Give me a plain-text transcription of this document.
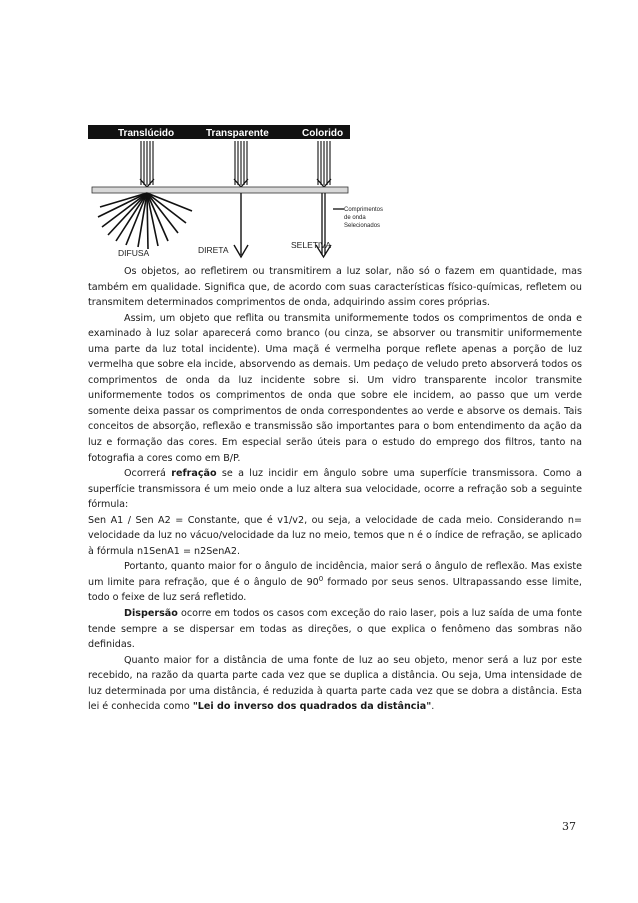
Translúcido	Transparente	Colorido
DIFUSA	DIRETA	SELETIVA
Comprimentos
de onda
Selecionados

Os objetos, ao refletirem ou transmitirem a luz solar, não só o fazem em quantidade, mas também em qualidade. Significa que, de acordo com suas características físico-químicas, refletem ou transmitem determinados comprimentos de onda, adquirindo assim cores próprias.

Assim, um objeto que reflita ou transmita uniformemente todos os comprimentos de onda e examinado à luz solar aparecerá como branco (ou cinza, se absorver ou transmitir uniformemente uma parte da luz total incidente). Uma maçã é vermelha porque reflete apenas a porção de luz vermelha que sobre ela incide, absorvendo as demais. Um pedaço de veludo preto absorverá todos os comprimentos de onda da luz incidente sobre si. Um vidro transparente incolor transmite uniformemente todos os comprimentos de onda que sobre ele incidem, ao passo que um verde somente deixa passar os comprimentos de onda correspondentes ao verde e absorve os demais. Tais conceitos de absorção, reflexão e transmissão são importantes para o bom entendimento da ação da luz e formação das cores. Em especial serão úteis para o estudo do emprego dos filtros, tanto na fotografia a cores como em B/P.

Ocorrerá refração se a luz incidir em ângulo sobre uma superfície transmissora. Como a superfície transmissora é um meio onde a luz altera sua velocidade, ocorre a refração sob a seguinte fórmula:

Sen A1 / Sen A2 = Constante, que é v1/v2, ou seja, a velocidade de cada meio. Considerando n= velocidade da luz no vácuo/velocidade da luz no meio, temos que n é o índice de refração, se aplicado à fórmula n1SenA1 = n2SenA2.

Portanto, quanto maior for o ângulo de incidência, maior será o ângulo de reflexão. Mas existe um limite para refração, que é o ângulo de $90^0$ formado por seus senos. Ultrapassando esse limite, todo o feixe de luz será refletido.

Dispersão ocorre em todos os casos com exceção do raio laser, pois a luz saída de uma fonte tende sempre a se dispersar em todas as direções, o que explica o fenômeno das sombras não definidas.

Quanto maior for a distância de uma fonte de luz ao seu objeto, menor será a luz por este recebido, na razão da quarta parte cada vez que se duplica a distância. Ou seja, Uma intensidade de luz determinada por uma distância, é reduzida à quarta parte cada vez que se dobra a distância. Esta lei é conhecida como "Lei do inverso dos quadrados da distância".

37
